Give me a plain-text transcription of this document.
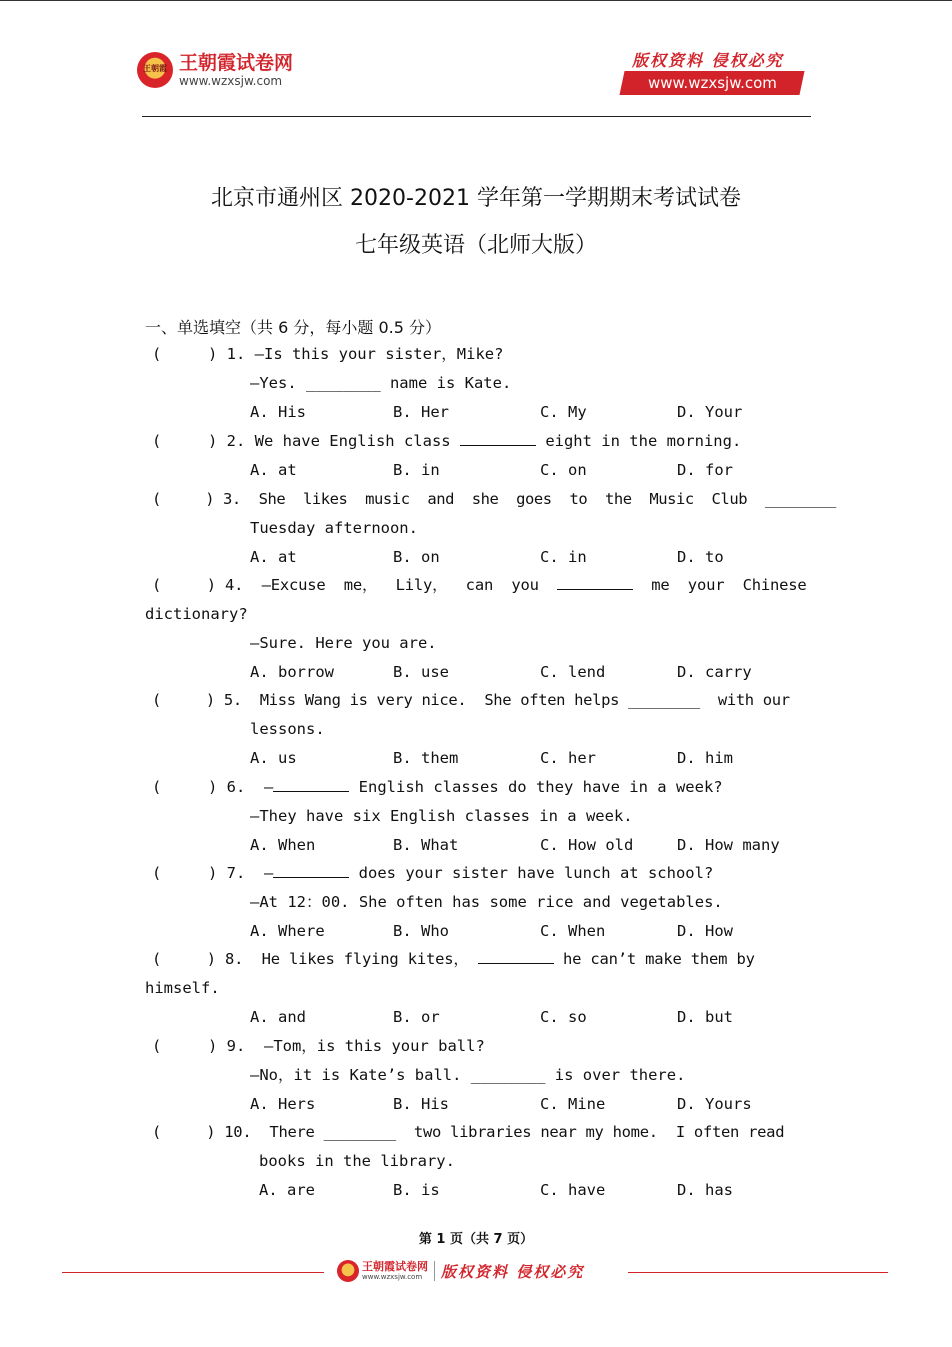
王朝霞 王朝霞试卷网
www.wzxsjw.com
版权资料 侵权必究
www.wzxsjw.com
北京市通州区 2020-2021 学年第一学期期末考试试卷
七年级英语（北师大版）
一、单选填空（共 6 分，每小题 0.5 分）
(     ) 1. —Is this your sister，Mike?
—Yes. ________ name is Kate.
A. His	B. Her	C. My	D. Your
(     ) 2. We have English class	eight in the morning.
A. at	B. in	C. on	D. for
(     ) 3.  She  likes  music  and  she  goes  to  the  Music  Club  ________
Tuesday afternoon.
A. at	B. on	C. in	D. to
(     ) 4.  —Excuse  me，  Lily，  can  you	me  your  Chinese
dictionary?
—Sure. Here you are.
A. borrow	B. use	C. lend	D. carry
(     ) 5.  Miss Wang is very nice.  She often helps ________  with our
lessons.
A. us	B. them	C. her	D. him
(     ) 6.  —	English classes do they have in a week?
—They have six English classes in a week.
A. When	B. What	C. How old	D. How many
(     ) 7.  —	does your sister have lunch at school?
—At 12：00. She often has some rice and vegetables.
A. Where	B. Who	C. When	D. How
(     ) 8.  He likes flying kites，	he can’t make them by
himself.
A. and	B. or	C. so	D. but
(     ) 9.  —Tom，is this your ball?
—No，it is Kate’s ball. ________ is over there.
A. Hers	B. His	C. Mine	D. Yours
(     ) 10.  There ________  two libraries near my home.  I often read
books in the library.
A. are	B. is	C. have	D. has
第 1 页（共 7 页）
王朝霞试卷网
www.wzxsjw.com	版权资料 侵权必究
